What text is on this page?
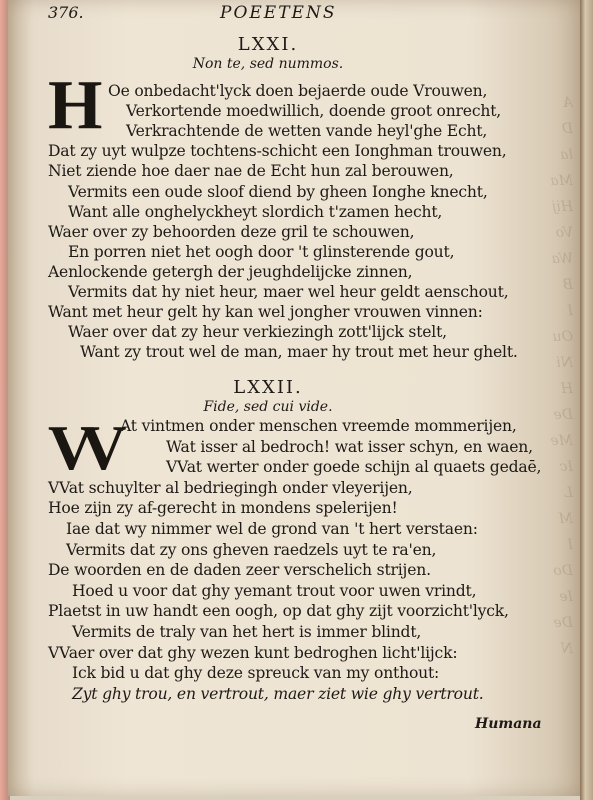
A
D
la
Ma
Hij
Vo
Wa
B
I
Ou
Ni
H
De
Me
Ic
L
M
I
Do
Ie
De
N
376.	POEETENS
LXXI.
Non te, sed nummos.
H Oe onbedacht'lyck doen bejaerde oude Vrouwen,
Verkortende moedwillich, doende groot onrecht,
Verkrachtende de wetten vande heyl'ghe Echt,
Dat zy uyt wulpze tochtens-schicht een Ionghman trouwen,
Niet ziende hoe daer nae de Echt hun zal berouwen,
Vermits een oude sloof diend by gheen Ionghe knecht,
Want alle onghelyckheyt slordich t'zamen hecht,
Waer over zy behoorden deze gril te schouwen,
En porren niet het oogh door 't glinsterende gout,
Aenlockende getergh der jeughdelijcke zinnen,
Vermits dat hy niet heur, maer wel heur geldt aenschout,
Want met heur gelt hy kan wel jongher vrouwen vinnen:
Waer over dat zy heur verkiezingh zott'lijck stelt,
Want zy trout wel de man, maer hy trout met heur ghelt.
LXXII.
Fide, sed cui vide.
VV At vintmen onder menschen vreemde mommerijen,
Wat isser al bedroch! wat isser schyn, en waen,
VVat werter onder goede schijn al quaets gedaē,
VVat schuylter al bedriegingh onder vleyerijen,
Hoe zijn zy af-gerecht in mondens spelerijen!
Iae dat wy nimmer wel de grond van 't hert verstaen:
Vermits dat zy ons gheven raedzels uyt te ra'en,
De woorden en de daden zeer verschelich strijen.
Hoed u voor dat ghy yemant trout voor uwen vrindt,
Plaetst in uw handt een oogh, op dat ghy zijt voorzicht'lyck,
Vermits de traly van het hert is immer blindt,
VVaer over dat ghy wezen kunt bedroghen licht'lijck:
Ick bid u dat ghy deze spreuck van my onthout:
Zyt ghy trou, en vertrout, maer ziet wie ghy vertrout.
Humana
